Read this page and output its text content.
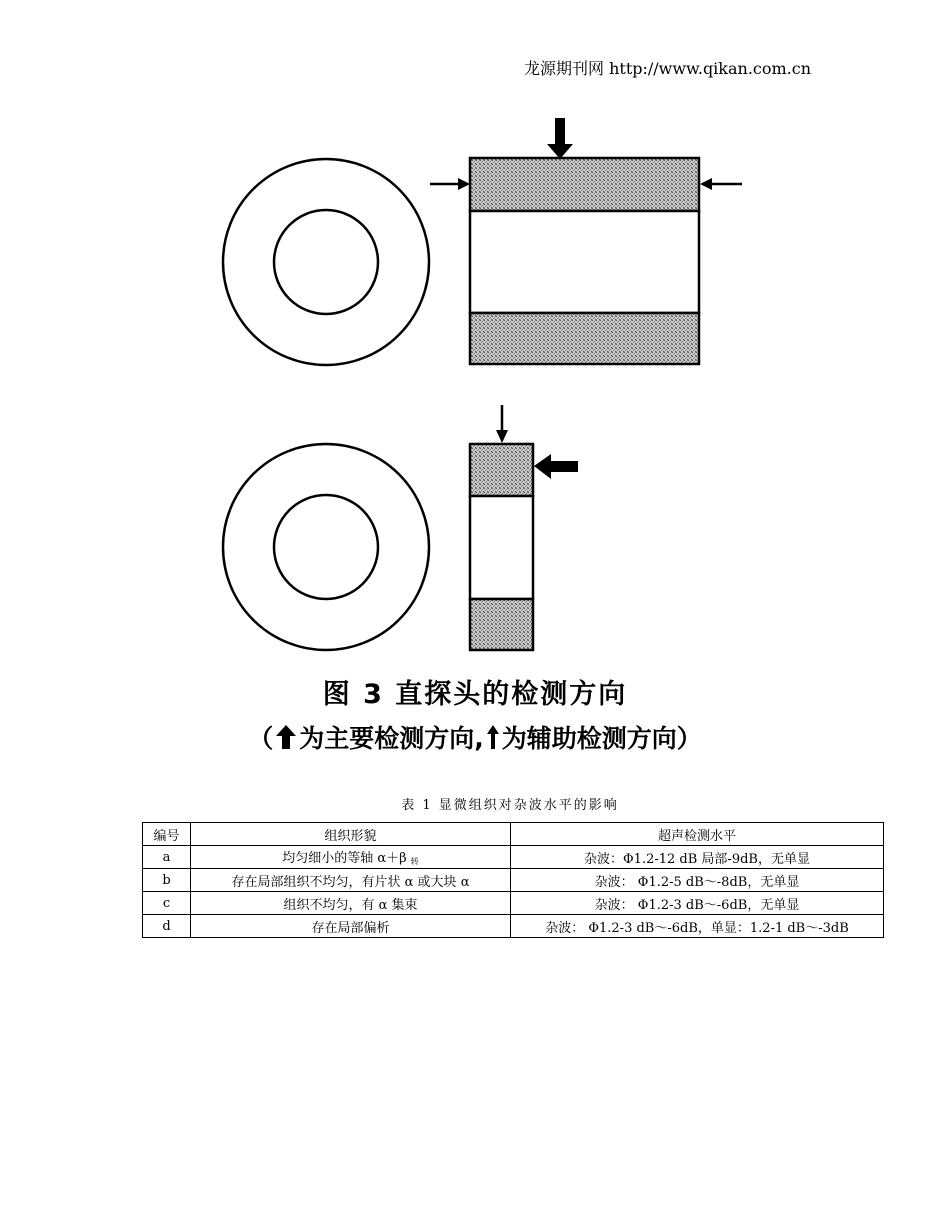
龙源期刊网 http://www.qikan.com.cn
图 3 直探头的检测方向
（ 为主要检测方向, 为辅助检测方向）
表 1 显微组织对杂波水平的影响
编号	组织形貌	超声检测水平
a	均匀细小的等轴 α＋β $_转$	杂波：Φ1.2-12 dB 局部-9dB，无单显
b	存在局部组织不均匀，有片状 α 或大块 α	杂波： Φ1.2-5 dB～-8dB，无单显
c	组织不均匀，有 α 集束	杂波： Φ1.2-3 dB～-6dB，无单显
d	存在局部偏析	杂波： Φ1.2-3 dB～-6dB，单显：1.2-1 dB～-3dB
